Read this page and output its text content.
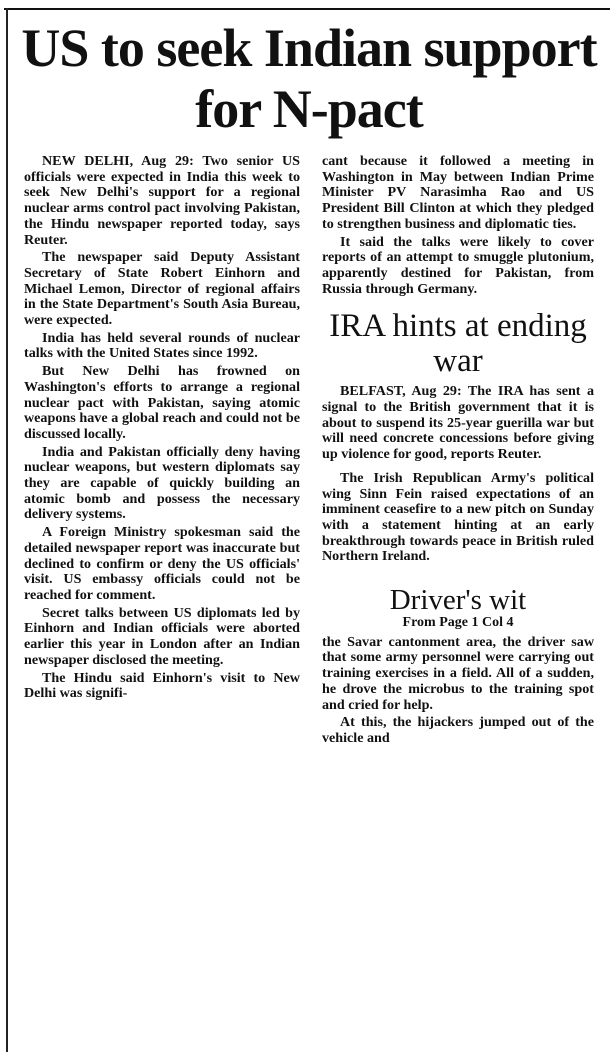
US to seek Indian support for N-pact

NEW DELHI, Aug 29: Two senior US officials were expected in India this week to seek New Delhi's support for a regional nuclear arms control pact involving Pakistan, the Hindu newspaper reported today, says Reuter.

The newspaper said Deputy Assistant Secretary of State Robert Einhorn and Michael Lemon, Director of regional affairs in the State Department's South Asia Bureau, were expected.

India has held several rounds of nuclear talks with the United States since 1992.

But New Delhi has frowned on Washington's efforts to arrange a regional nuclear pact with Pakistan, saying atomic weapons have a global reach and could not be discussed locally.

India and Pakistan officially deny having nuclear weapons, but western diplomats say they are capable of quickly building an atomic bomb and possess the necessary delivery systems.

A Foreign Ministry spokesman said the detailed newspaper report was inaccurate but declined to confirm or deny the US officials' visit. US embassy officials could not be reached for comment.

Secret talks between US diplomats led by Einhorn and Indian officials were aborted earlier this year in London after an Indian newspaper disclosed the meeting.

The Hindu said Einhorn's visit to New Delhi was signifi-

cant because it followed a meeting in Washington in May between Indian Prime Minister PV Narasimha Rao and US President Bill Clinton at which they pledged to strengthen business and diplomatic ties.

It said the talks were likely to cover reports of an attempt to smuggle plutonium, apparently destined for Pakistan, from Russia through Germany.

IRA hints at ending war

BELFAST, Aug 29: The IRA has sent a signal to the British government that it is about to suspend its 25-year guerilla war but will need concrete concessions before giving up violence for good, reports Reuter.

The Irish Republican Army's political wing Sinn Fein raised expectations of an imminent ceasefire to a new pitch on Sunday with a statement hinting at an early breakthrough towards peace in British ruled Northern Ireland.

Driver's wit
From Page 1 Col 4

the Savar cantonment area, the driver saw that some army personnel were carrying out training exercises in a field. All of a sudden, he drove the microbus to the training spot and cried for help.

At this, the hijackers jumped out of the vehicle and
